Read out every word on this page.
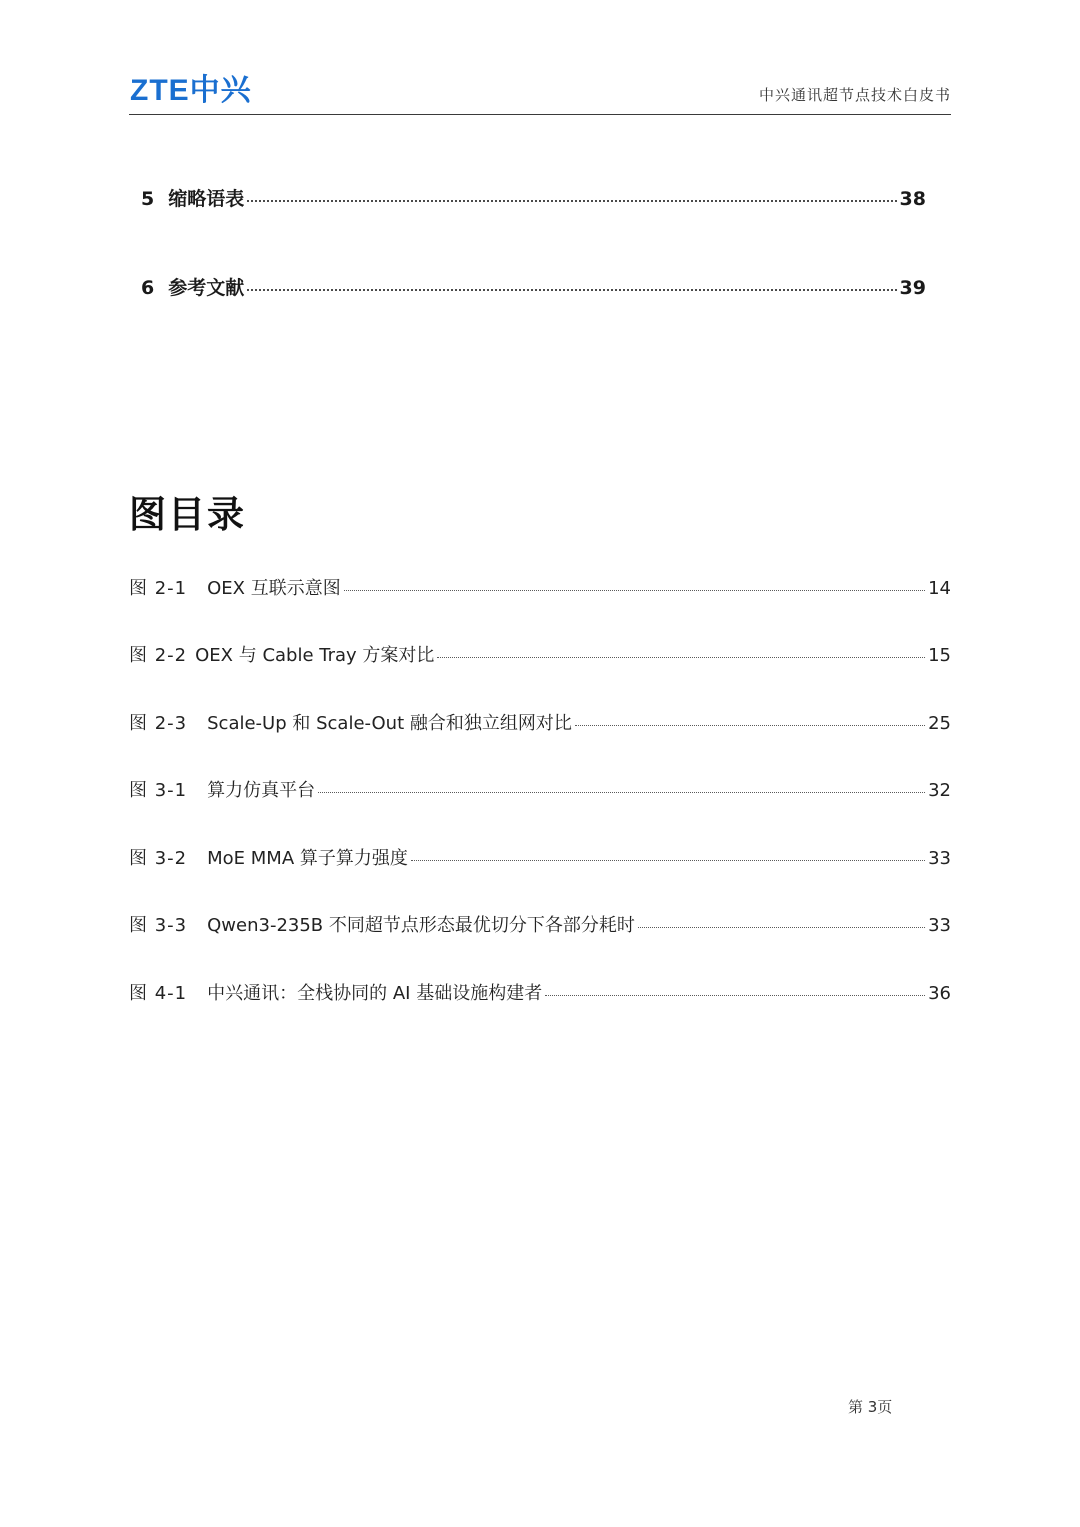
ZTE中兴	中兴通讯超节点技术白皮书
5 缩略语表	38
6 参考文献	39
图目录
图 2-1 OEX 互联示意图	14
图 2-2 OEX 与 Cable Tray 方案对比	15
图 2-3 Scale-Up 和 Scale-Out 融合和独立组网对比	25
图 3-1 算力仿真平台	32
图 3-2 MoE MMA 算子算力强度	33
图 3-3 Qwen3-235B 不同超节点形态最优切分下各部分耗时	33
图 4-1 中兴通讯：全栈协同的 AI 基础设施构建者	36
第 3页
